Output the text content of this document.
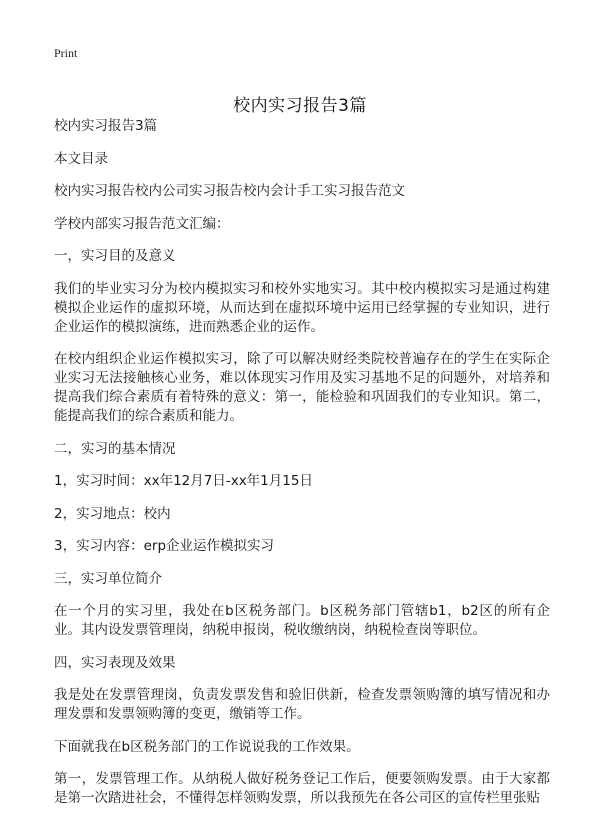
Print
校内实习报告3篇

校内实习报告3篇

本文目录

校内实习报告校内公司实习报告校内会计手工实习报告范文

学校内部实习报告范文汇编：

一，实习目的及意义

我们的毕业实习分为校内模拟实习和校外实地实习。其中校内模拟实习是通过构建模拟企业运作的虚拟环境，从而达到在虚拟环境中运用已经掌握的专业知识，进行企业运作的模拟演练，进而熟悉企业的运作。

在校内组织企业运作模拟实习，除了可以解决财经类院校普遍存在的学生在实际企业实习无法接触核心业务，难以体现实习作用及实习基地不足的问题外，对培养和提高我们综合素质有着特殊的意义：第一，能检验和巩固我们的专业知识。第二，能提高我们的综合素质和能力。

二，实习的基本情况

1，实习时间：xx年12月7日-xx年1月15日

2，实习地点：校内

3，实习内容：erp企业运作模拟实习

三，实习单位简介

在一个月的实习里，我处在b区税务部门。b区税务部门管辖b1，b2区的所有企业。其内设发票管理岗，纳税申报岗，税收缴纳岗，纳税检查岗等职位。

四，实习表现及效果

我是处在发票管理岗，负责发票发售和验旧供新，检查发票领购簿的填写情况和办理发票和发票领购簿的变更，缴销等工作。

下面就我在b区税务部门的工作说说我的工作效果。

第一，发票管理工作。从纳税人做好税务登记工作后，便要领购发票。由于大家都是第一次踏进社会，不懂得怎样领购发票，所以我预先在各公司区的宣传栏里张贴
